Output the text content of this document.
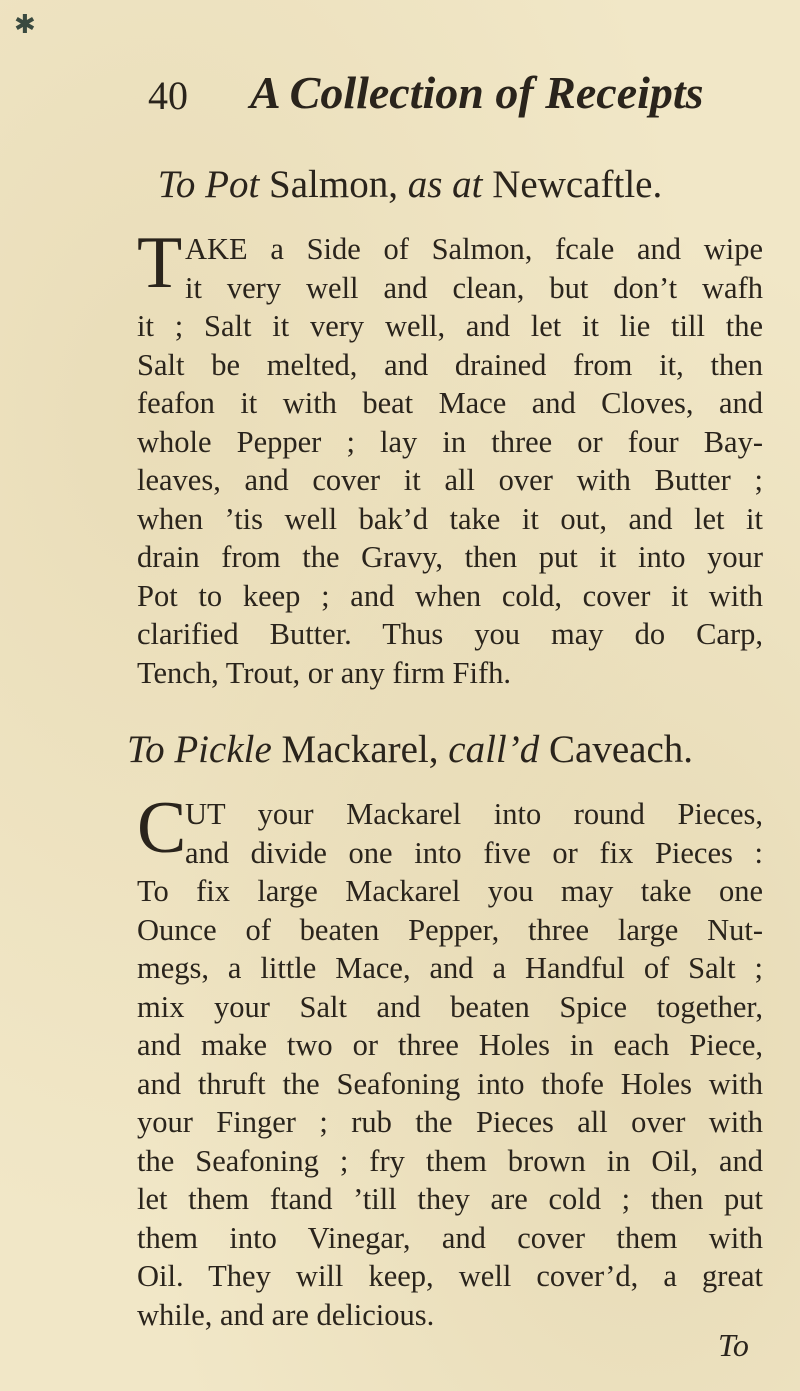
✱
40 A Collection of Receipts
To Pot Salmon, as at Newcaftle.
T AKE a Side of Salmon, fcale and wipe
it very well and clean, but don’t wafh
it ; Salt it very well, and let it lie till the
Salt be melted, and drained from it, then
feafon it with beat Mace and Cloves, and
whole Pepper ; lay in three or four Bay-
leaves, and cover it all over with Butter ;
when ’tis well bak’d take it out, and let it
drain from the Gravy, then put it into your
Pot to keep ; and when cold, cover it with
clarified Butter. Thus you may do Carp,
Tench, Trout, or any firm Fifh.
To Pickle Mackarel, call’d Caveach.
C
UT your Mackarel into round Pieces,
and divide one into five or fix Pieces :
To fix large Mackarel you may take one
Ounce of beaten Pepper, three large Nut-
megs, a little Mace, and a Handful of Salt ;
mix your Salt and beaten Spice together,
and make two or three Holes in each Piece,
and thruft the Seafoning into thofe Holes with
your Finger ; rub the Pieces all over with
the Seafoning ; fry them brown in Oil, and
let them ftand ’till they are cold ; then put
them into Vinegar, and cover them with
Oil. They will keep, well cover’d, a great
while, and are delicious.
To
